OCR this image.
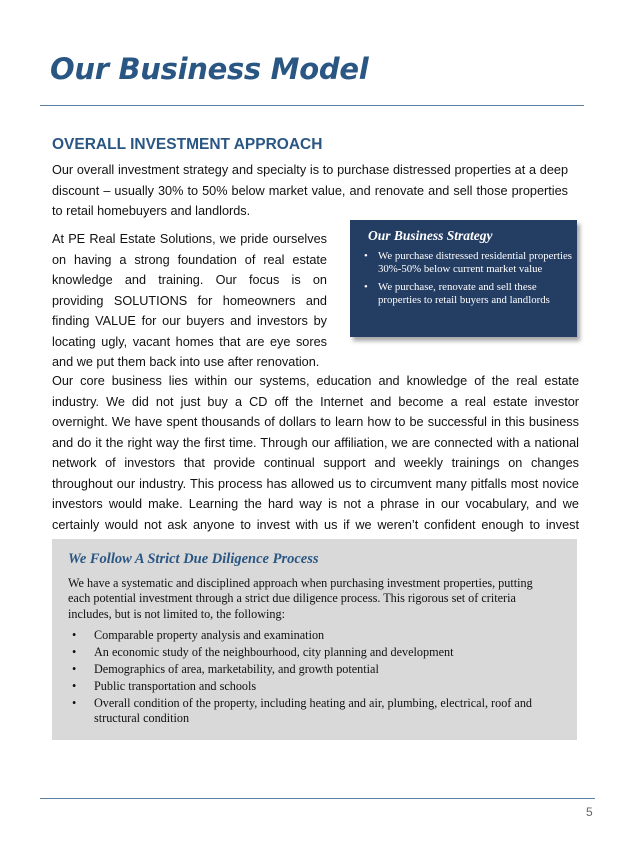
Our Business Model
OVERALL INVESTMENT APPROACH

Our overall investment strategy and specialty is to purchase distressed properties at a deep discount – usually 30% to 50% below market value, and renovate and sell those properties to retail homebuyers and landlords.

At PE Real Estate Solutions, we pride ourselves on having a strong foundation of real estate knowledge and training. Our focus is on providing SOLUTIONS for homeowners and finding VALUE for our buyers and investors by locating ugly, vacant homes that are eye sores and we put them back into use after renovation.

Our Business Strategy
• We purchase distressed residential properties 30%-50% below current market value
• We purchase, renovate and sell these properties to retail buyers and landlords

Our core business lies within our systems, education and knowledge of the real estate industry. We did not just buy a CD off the Internet and become a real estate investor overnight. We have spent thousands of dollars to learn how to be successful in this business and do it the right way the first time. Through our affiliation, we are connected with a national network of investors that provide continual support and weekly trainings on changes throughout our industry. This process has allowed us to circumvent many pitfalls most novice investors would make. Learning the hard way is not a phrase in our vocabulary, and we certainly would not ask anyone to invest with us if we weren’t confident enough to invest

We Follow A Strict Due Diligence Process

We have a systematic and disciplined approach when purchasing investment properties, putting each potential investment through a strict due diligence process. This rigorous set of criteria includes, but is not limited to, the following:

• Comparable property analysis and examination
• An economic study of the neighbourhood, city planning and development
• Demographics of area, marketability, and growth potential
• Public transportation and schools
• Overall condition of the property, including heating and air, plumbing, electrical, roof and structural condition
5
